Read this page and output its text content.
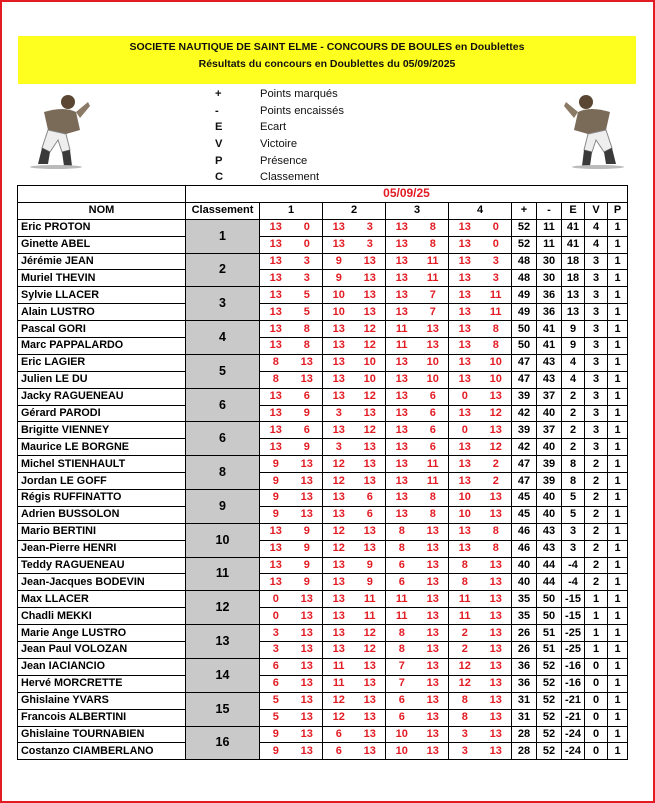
SOCIETE NAUTIQUE DE SAINT ELME - CONCOURS DE BOULES en Doublettes
Résultats du concours en Doublettes du 05/09/2025
+	Points marqués
-	Points encaissés
E	Ecart
V	Victoire
P	Présence
C	Classement
	05/09/25													
NOM	Classement	1		2		3		4		+	-	E	V	P
Eric PROTON	1	13	0	13	3	13	8	13	0	52	11	41	4	1
Ginette ABEL		13	0	13	3	13	8	13	0	52	11	41	4	1
Jérémie JEAN	2	13	3	9	13	13	11	13	3	48	30	18	3	1
Muriel THEVIN		13	3	9	13	13	11	13	3	48	30	18	3	1
Sylvie LLACER	3	13	5	10	13	13	7	13	11	49	36	13	3	1
Alain LUSTRO		13	5	10	13	13	7	13	11	49	36	13	3	1
Pascal GORI	4	13	8	13	12	11	13	13	8	50	41	9	3	1
Marc PAPPALARDO		13	8	13	12	11	13	13	8	50	41	9	3	1
Eric LAGIER	5	8	13	13	10	13	10	13	10	47	43	4	3	1
Julien LE DU		8	13	13	10	13	10	13	10	47	43	4	3	1
Jacky RAGUENEAU	6	13	6	13	12	13	6	0	13	39	37	2	3	1
Gérard PARODI		13	9	3	13	13	6	13	12	42	40	2	3	1
Brigitte VIENNEY	6	13	6	13	12	13	6	0	13	39	37	2	3	1
Maurice LE BORGNE		13	9	3	13	13	6	13	12	42	40	2	3	1
Michel STIENHAULT	8	9	13	12	13	13	11	13	2	47	39	8	2	1
Jordan LE GOFF		9	13	12	13	13	11	13	2	47	39	8	2	1
Régis RUFFINATTO	9	9	13	13	6	13	8	10	13	45	40	5	2	1
Adrien BUSSOLON		9	13	13	6	13	8	10	13	45	40	5	2	1
Mario BERTINI	10	13	9	12	13	8	13	13	8	46	43	3	2	1
Jean-Pierre HENRI		13	9	12	13	8	13	13	8	46	43	3	2	1
Teddy RAGUENEAU	11	13	9	13	9	6	13	8	13	40	44	-4	2	1
Jean-Jacques BODEVIN		13	9	13	9	6	13	8	13	40	44	-4	2	1
Max LLACER	12	0	13	13	11	11	13	11	13	35	50	-15	1	1
Chadli MEKKI		0	13	13	11	11	13	11	13	35	50	-15	1	1
Marie Ange LUSTRO	13	3	13	13	12	8	13	2	13	26	51	-25	1	1
Jean Paul VOLOZAN		3	13	13	12	8	13	2	13	26	51	-25	1	1
Jean IACIANCIO	14	6	13	11	13	7	13	12	13	36	52	-16	0	1
Hervé MORCRETTE		6	13	11	13	7	13	12	13	36	52	-16	0	1
Ghislaine YVARS	15	5	13	12	13	6	13	8	13	31	52	-21	0	1
Francois ALBERTINI		5	13	12	13	6	13	8	13	31	52	-21	0	1
Ghislaine TOURNABIEN	16	9	13	6	13	10	13	3	13	28	52	-24	0	1
Costanzo CIAMBERLANO		9	13	6	13	10	13	3	13	28	52	-24	0	1
